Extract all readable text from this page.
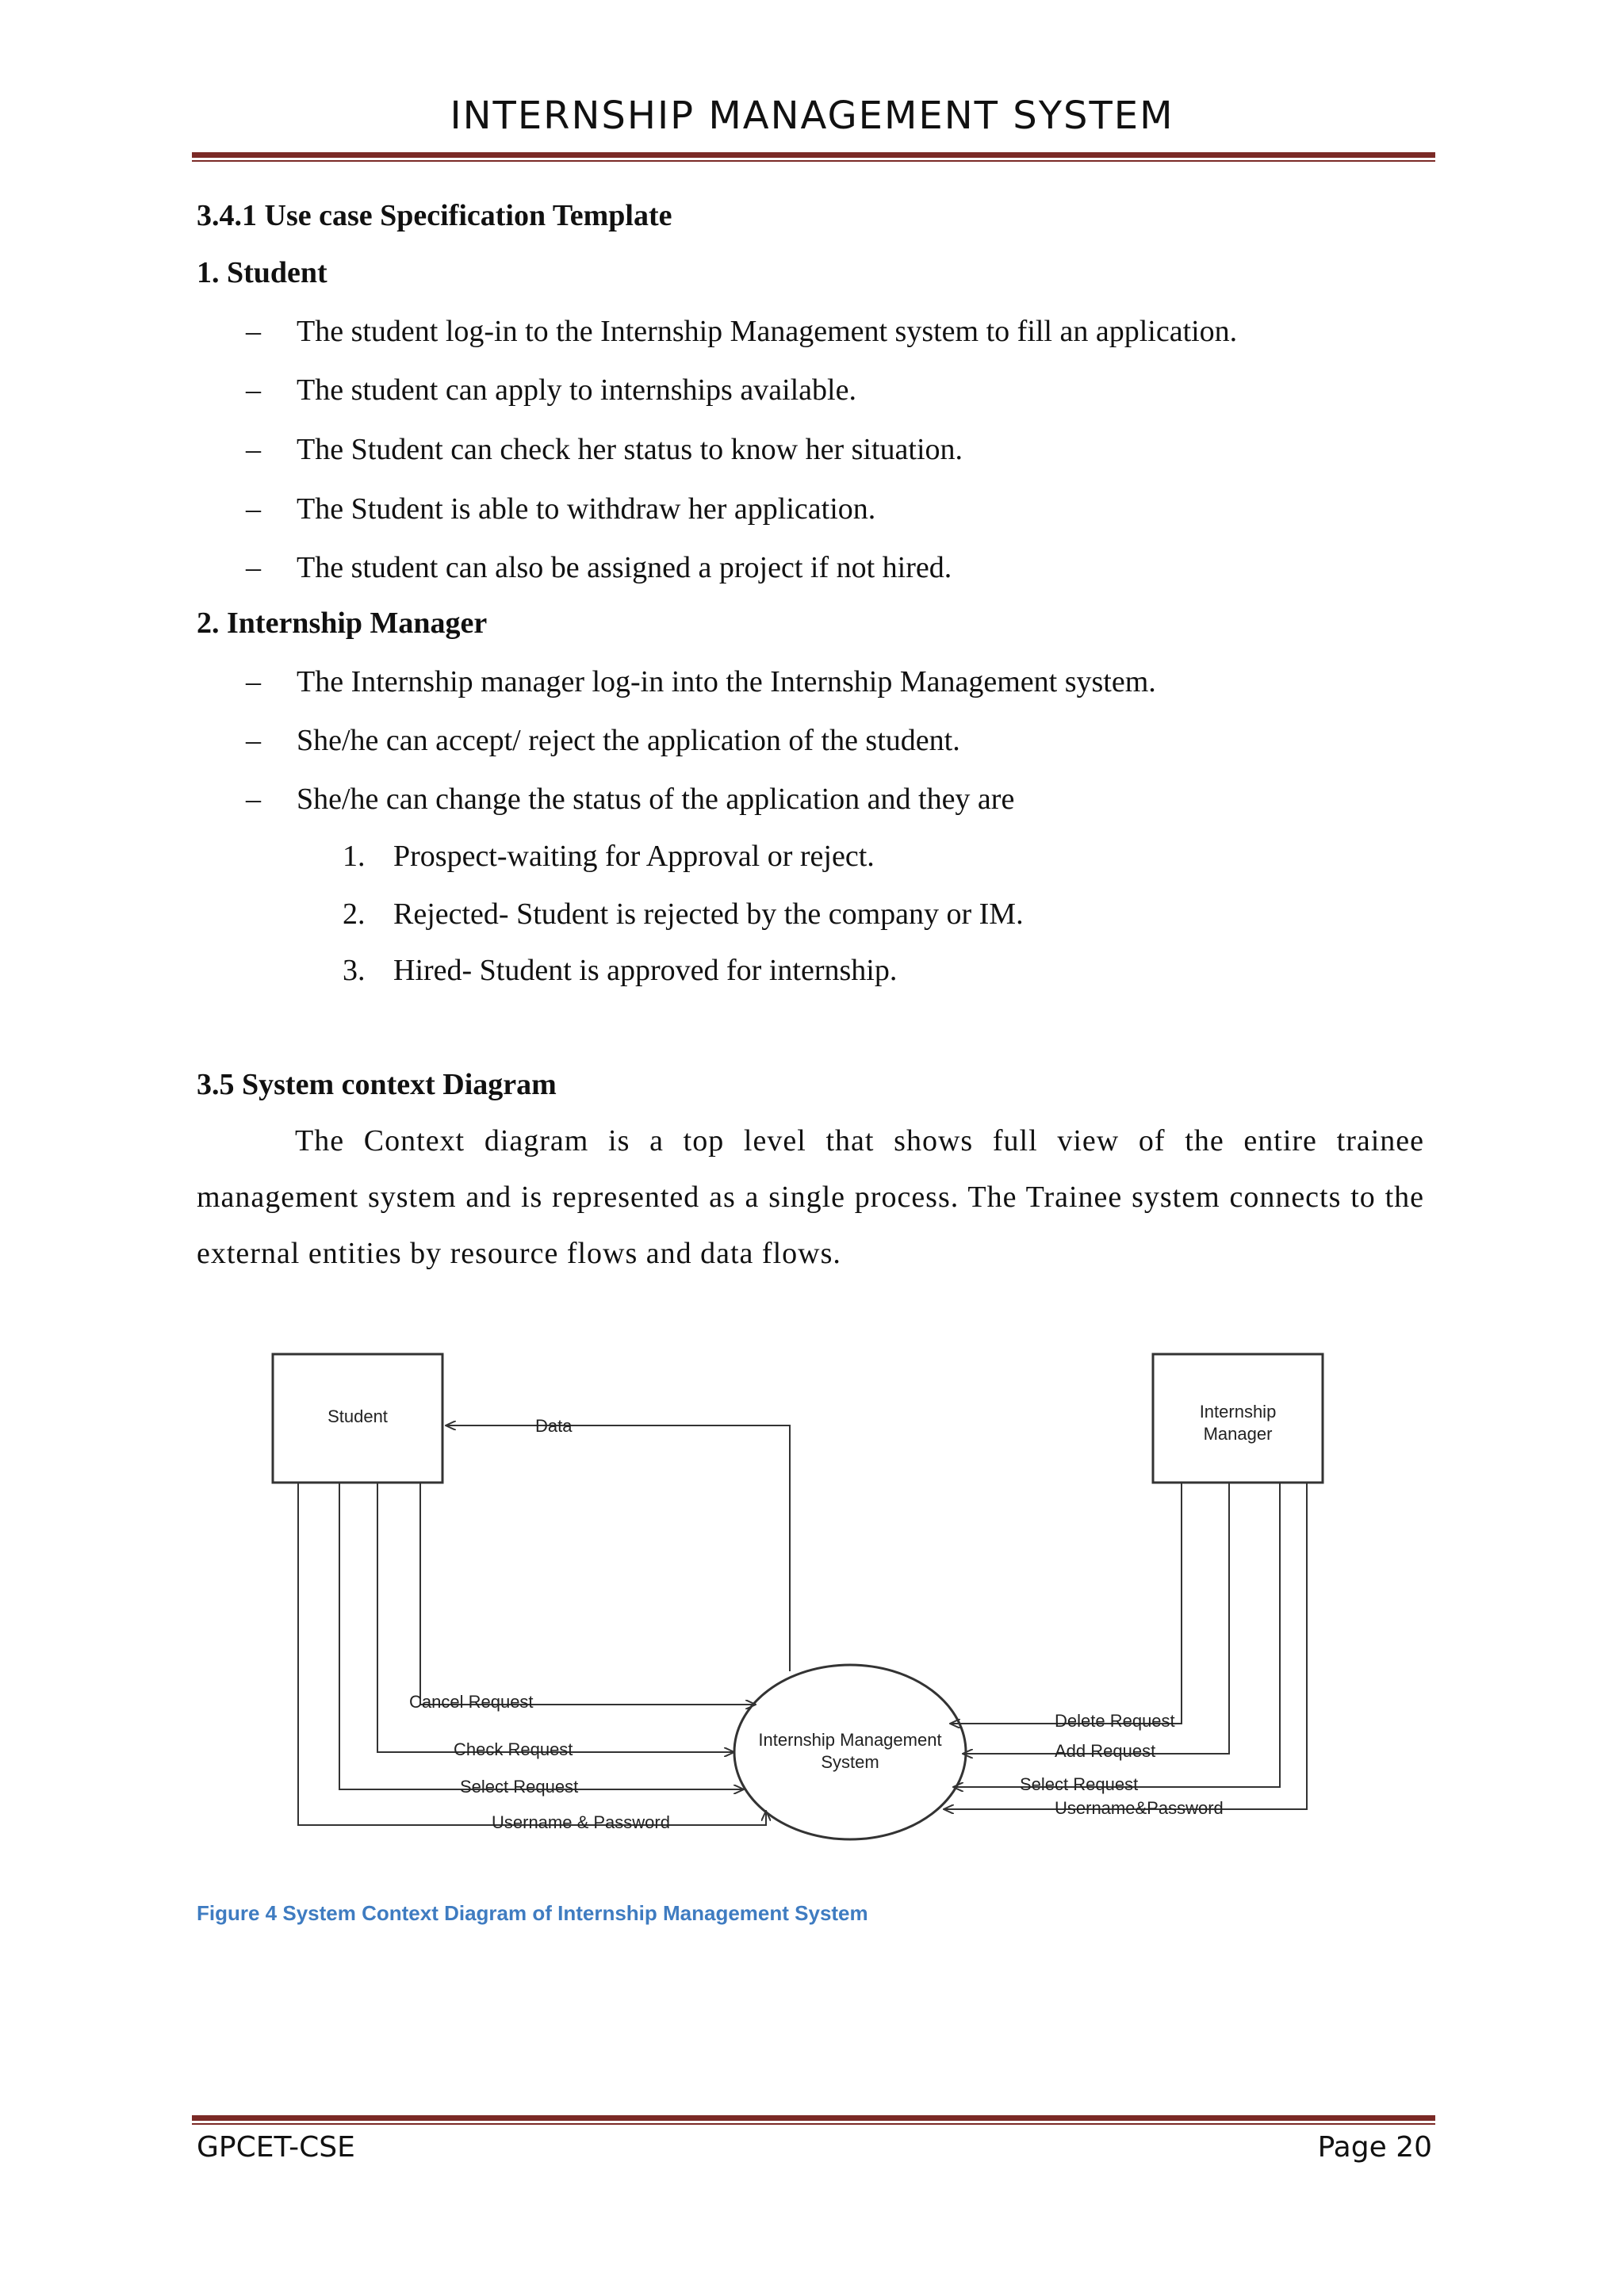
INTERNSHIP MANAGEMENT SYSTEM
3.4.1 Use case Specification Template
1. Student
– The student log-in to the Internship Management system to fill an application.
– The student can apply to internships available.
– The Student can check her status to know her situation.
– The Student is able to withdraw her application.
– The student can also be assigned a project if not hired.
2. Internship Manager
– The Internship manager log-in into the Internship Management system.
– She/he can accept/ reject the application of the student.
– She/he can change the status of the application and they are
1. Prospect-waiting for Approval or reject.
2. Rejected- Student is rejected by the company or IM.
3. Hired- Student is approved for internship.
3.5 System context Diagram

The Context diagram is a top level that shows full view of the entire trainee management system and is represented as a single process. The Trainee system connects to the external entities by resource flows and data flows.

Student	Internship
Manager
Internship Management
System
Data
Cancel Request
Check Request
Select Request
Username & Password
Delete Request
Add Request
Select Request
Username&Password
Figure 4 System Context Diagram of Internship Management System
GPCET-CSE	Page 20
